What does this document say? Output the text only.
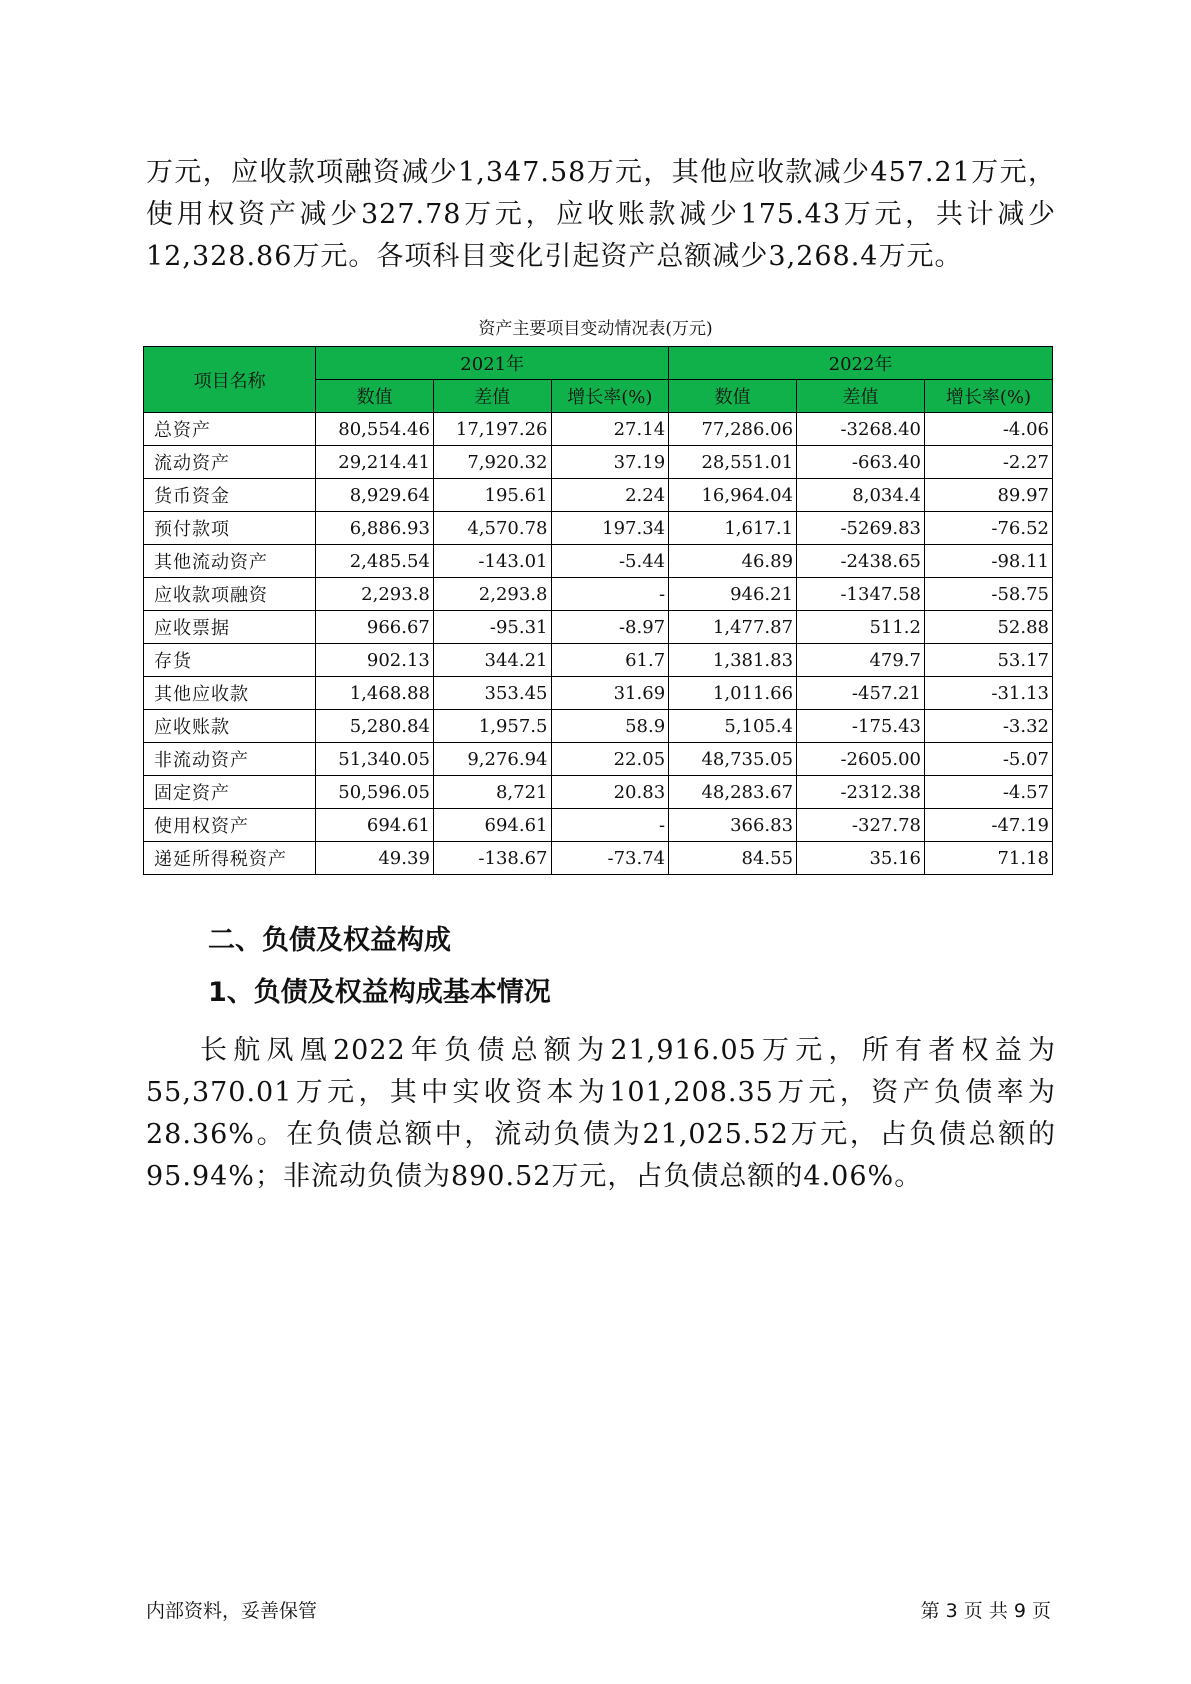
万元，应收款项融资减少1,347.58万元，其他应收款减少457.21万元，使用权资产减少327.78万元，应收账款减少175.43万元，共计减少12,328.86万元。各项科目变化引起资产总额减少3,268.4万元。

资产主要项目变动情况表(万元)
项目名称	2021年			2022年		
	数值	差值	增长率(%)	数值	差值	增长率(%)
总资产	80,554.46	17,197.26	27.14	77,286.06	-3268.40	-4.06
流动资产	29,214.41	7,920.32	37.19	28,551.01	-663.40	-2.27
货币资金	8,929.64	195.61	2.24	16,964.04	8,034.4	89.97
预付款项	6,886.93	4,570.78	197.34	1,617.1	-5269.83	-76.52
其他流动资产	2,485.54	-143.01	-5.44	46.89	-2438.65	-98.11
应收款项融资	2,293.8	2,293.8	-	946.21	-1347.58	-58.75
应收票据	966.67	-95.31	-8.97	1,477.87	511.2	52.88
存货	902.13	344.21	61.7	1,381.83	479.7	53.17
其他应收款	1,468.88	353.45	31.69	1,011.66	-457.21	-31.13
应收账款	5,280.84	1,957.5	58.9	5,105.4	-175.43	-3.32
非流动资产	51,340.05	9,276.94	22.05	48,735.05	-2605.00	-5.07
固定资产	50,596.05	8,721	20.83	48,283.67	-2312.38	-4.57
使用权资产	694.61	694.61	-	366.83	-327.78	-47.19
递延所得税资产	49.39	-138.67	-73.74	84.55	35.16	71.18
二、负债及权益构成
1、负债及权益构成基本情况

长航凤凰2022年负债总额为21,916.05万元，所有者权益为55,370.01万元，其中实收资本为101,208.35万元，资产负债率为28.36%。在负债总额中，流动负债为21,025.52万元，占负债总额的95.94%；非流动负债为890.52万元，占负债总额的4.06%。

内部资料，妥善保管	第 3 页 共 9 页
